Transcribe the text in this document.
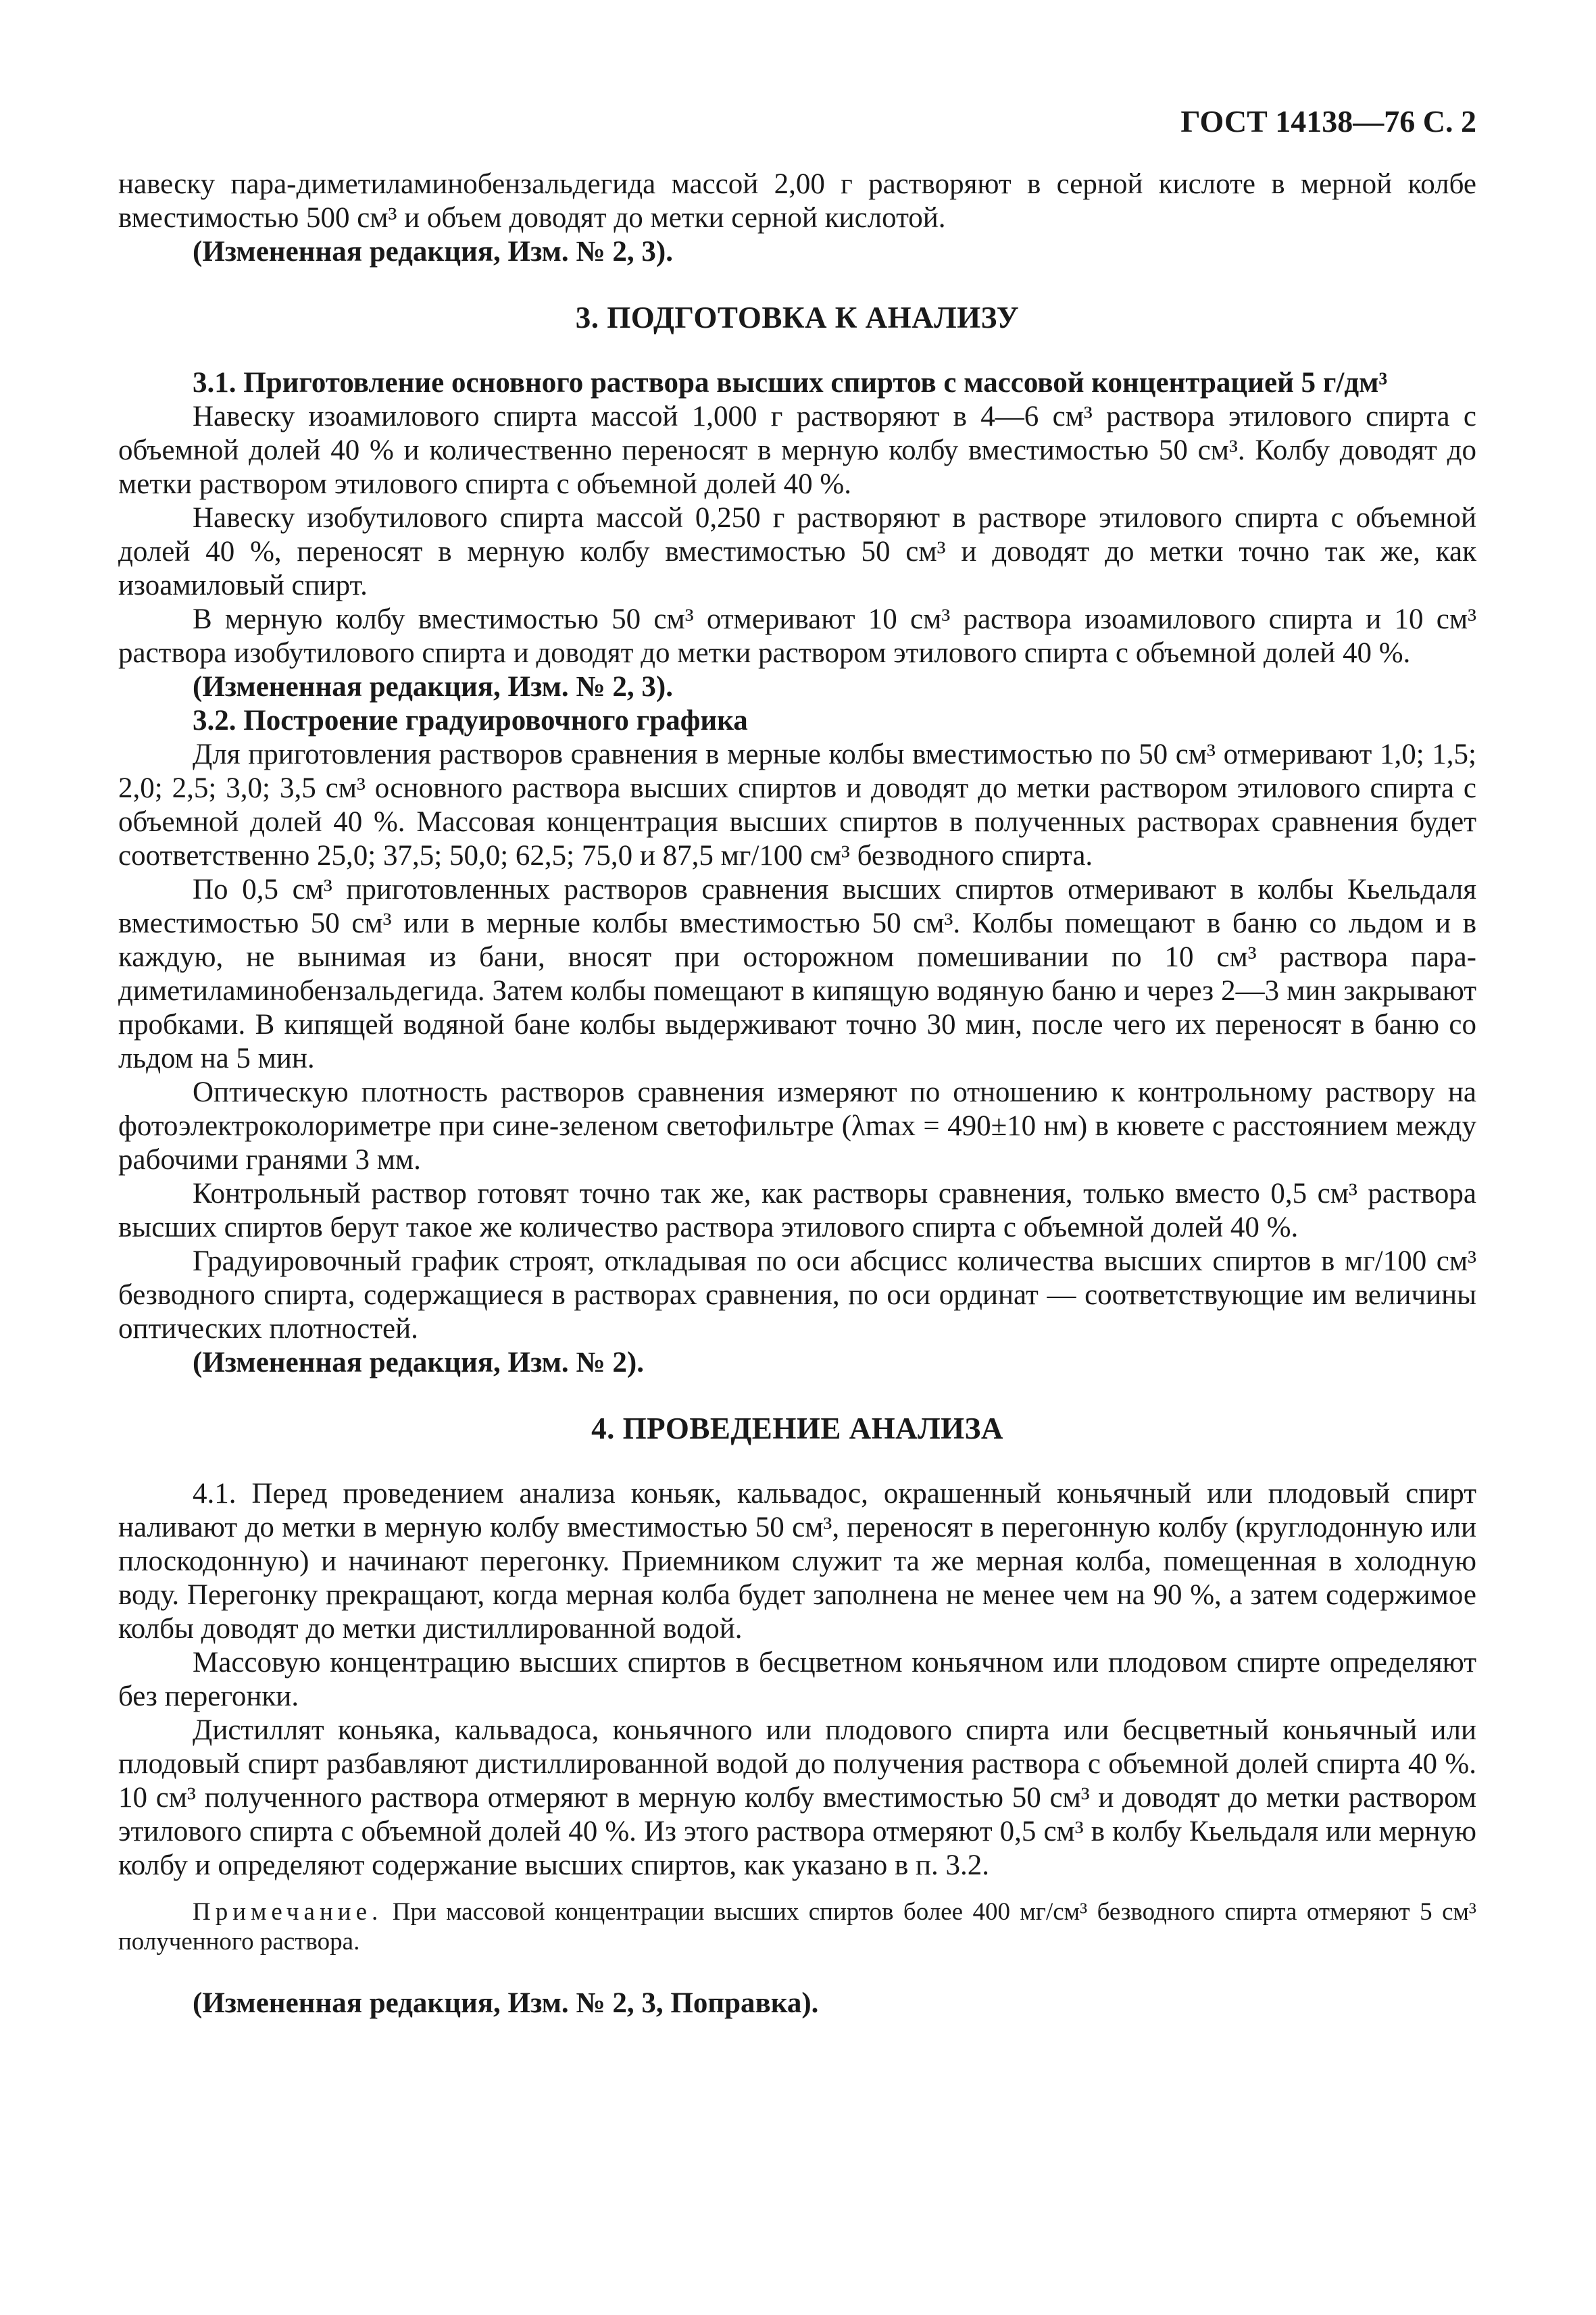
ГОСТ 14138—76 С. 2

навеску пара-диметиламинобензальдегида массой 2,00 г растворяют в серной кислоте в мерной колбе вместимостью 500 см³ и объем доводят до метки серной кислотой.

(Измененная редакция, Изм. № 2, 3).

3. ПОДГОТОВКА К АНАЛИЗУ
3.1. Приготовление основного раствора высших спиртов с массовой концентрацией 5 г/дм³

Навеску изоамилового спирта массой 1,000 г растворяют в 4—6 см³ раствора этилового спирта с объемной долей 40 % и количественно переносят в мерную колбу вместимостью 50 см³. Колбу доводят до метки раствором этилового спирта с объемной долей 40 %.

Навеску изобутилового спирта массой 0,250 г растворяют в растворе этилового спирта с объемной долей 40 %, переносят в мерную колбу вместимостью 50 см³ и доводят до метки точно так же, как изоамиловый спирт.

В мерную колбу вместимостью 50 см³ отмеривают 10 см³ раствора изоамилового спирта и 10 см³ раствора изобутилового спирта и доводят до метки раствором этилового спирта с объемной долей 40 %.

(Измененная редакция, Изм. № 2, 3).

3.2. Построение градуировочного графика

Для приготовления растворов сравнения в мерные колбы вместимостью по 50 см³ отмеривают 1,0; 1,5; 2,0; 2,5; 3,0; 3,5 см³ основного раствора высших спиртов и доводят до метки раствором этилового спирта с объемной долей 40 %. Массовая концентрация высших спиртов в полученных растворах сравнения будет соответственно 25,0; 37,5; 50,0; 62,5; 75,0 и 87,5 мг/100 см³ безводного спирта.

По 0,5 см³ приготовленных растворов сравнения высших спиртов отмеривают в колбы Кьельдаля вместимостью 50 см³ или в мерные колбы вместимостью 50 см³. Колбы помещают в баню со льдом и в каждую, не вынимая из бани, вносят при осторожном помешивании по 10 см³ раствора пара-диметиламинобензальдегида. Затем колбы помещают в кипящую водяную баню и через 2—3 мин закрывают пробками. В кипящей водяной бане колбы выдерживают точно 30 мин, после чего их переносят в баню со льдом на 5 мин.

Оптическую плотность растворов сравнения измеряют по отношению к контрольному раствору на фотоэлектроколориметре при сине-зеленом светофильтре (λmax = 490±10 нм) в кювете с расстоянием между рабочими гранями 3 мм.

Контрольный раствор готовят точно так же, как растворы сравнения, только вместо 0,5 см³ раствора высших спиртов берут такое же количество раствора этилового спирта с объемной долей 40 %.

Градуировочный график строят, откладывая по оси абсцисс количества высших спиртов в мг/100 см³ безводного спирта, содержащиеся в растворах сравнения, по оси ординат — соответствующие им величины оптических плотностей.

(Измененная редакция, Изм. № 2).

4. ПРОВЕДЕНИЕ АНАЛИЗА

4.1. Перед проведением анализа коньяк, кальвадос, окрашенный коньячный или плодовый спирт наливают до метки в мерную колбу вместимостью 50 см³, переносят в перегонную колбу (круглодонную или плоскодонную) и начинают перегонку. Приемником служит та же мерная колба, помещенная в холодную воду. Перегонку прекращают, когда мерная колба будет заполнена не менее чем на 90 %, а затем содержимое колбы доводят до метки дистиллированной водой.

Массовую концентрацию высших спиртов в бесцветном коньячном или плодовом спирте определяют без перегонки.

Дистиллят коньяка, кальвадоса, коньячного или плодового спирта или бесцветный коньячный или плодовый спирт разбавляют дистиллированной водой до получения раствора с объемной долей спирта 40 %. 10 см³ полученного раствора отмеряют в мерную колбу вместимостью 50 см³ и доводят до метки раствором этилового спирта с объемной долей 40 %. Из этого раствора отмеряют 0,5 см³ в колбу Кьельдаля или мерную колбу и определяют содержание высших спиртов, как указано в п. 3.2.

Примечание. При массовой концентрации высших спиртов более 400 мг/см³ безводного спирта отмеряют 5 см³ полученного раствора.

(Измененная редакция, Изм. № 2, 3, Поправка).
